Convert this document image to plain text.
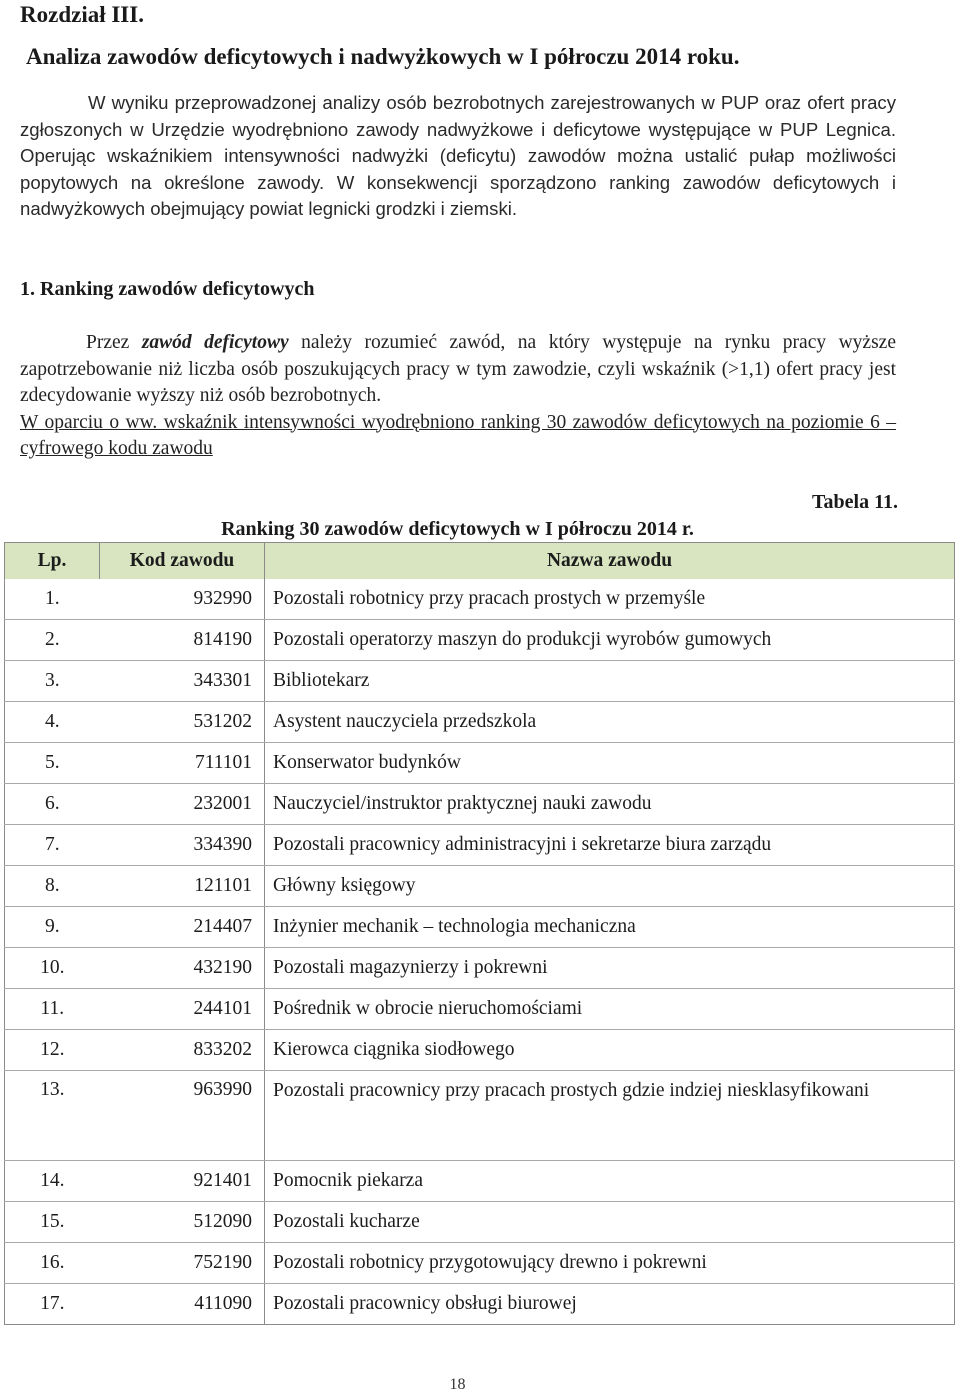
Rozdział III.
Analiza zawodów deficytowych i nadwyżkowych w I półroczu 2014 roku.
W wyniku przeprowadzonej analizy osób bezrobotnych zarejestrowanych w PUP oraz ofert pracy zgłoszonych w Urzędzie wyodrębniono zawody nadwyżkowe i deficytowe występujące w PUP Legnica. Operując wskaźnikiem intensywności nadwyżki (deficytu) zawodów można ustalić pułap możliwości popytowych na określone zawody. W konsekwencji sporządzono ranking zawodów deficytowych i nadwyżkowych obejmujący powiat legnicki grodzki i ziemski.
1. Ranking zawodów deficytowych
Przez zawód deficytowy należy rozumieć zawód, na który występuje na rynku pracy wyższe zapotrzebowanie niż liczba osób poszukujących pracy w tym zawodzie, czyli wskaźnik (>1,1) ofert pracy jest zdecydowanie wyższy niż osób bezrobotnych.
W oparciu o ww. wskaźnik intensywności wyodrębniono ranking 30 zawodów deficytowych na poziomie 6 – cyfrowego kodu zawodu
Tabela 11.
Ranking 30 zawodów deficytowych w I półroczu 2014 r.
Lp.	Kod zawodu	Nazwa zawodu
1.	932990	Pozostali robotnicy przy pracach prostych w przemyśle
2.	814190	Pozostali operatorzy maszyn do produkcji wyrobów gumowych
3.	343301	Bibliotekarz
4.	531202	Asystent nauczyciela przedszkola
5.	711101	Konserwator budynków
6.	232001	Nauczyciel/instruktor praktycznej nauki zawodu
7.	334390	Pozostali pracownicy administracyjni i sekretarze biura zarządu
8.	121101	Główny księgowy
9.	214407	Inżynier mechanik – technologia mechaniczna
10.	432190	Pozostali magazynierzy i pokrewni
11.	244101	Pośrednik w obrocie nieruchomościami
12.	833202	Kierowca ciągnika siodłowego
13.	963990	Pozostali pracownicy przy pracach prostych gdzie indziej niesklasyfikowani
14.	921401	Pomocnik piekarza
15.	512090	Pozostali kucharze
16.	752190	Pozostali robotnicy przygotowujący drewno i pokrewni
17.	411090	Pozostali pracownicy obsługi biurowej
18
